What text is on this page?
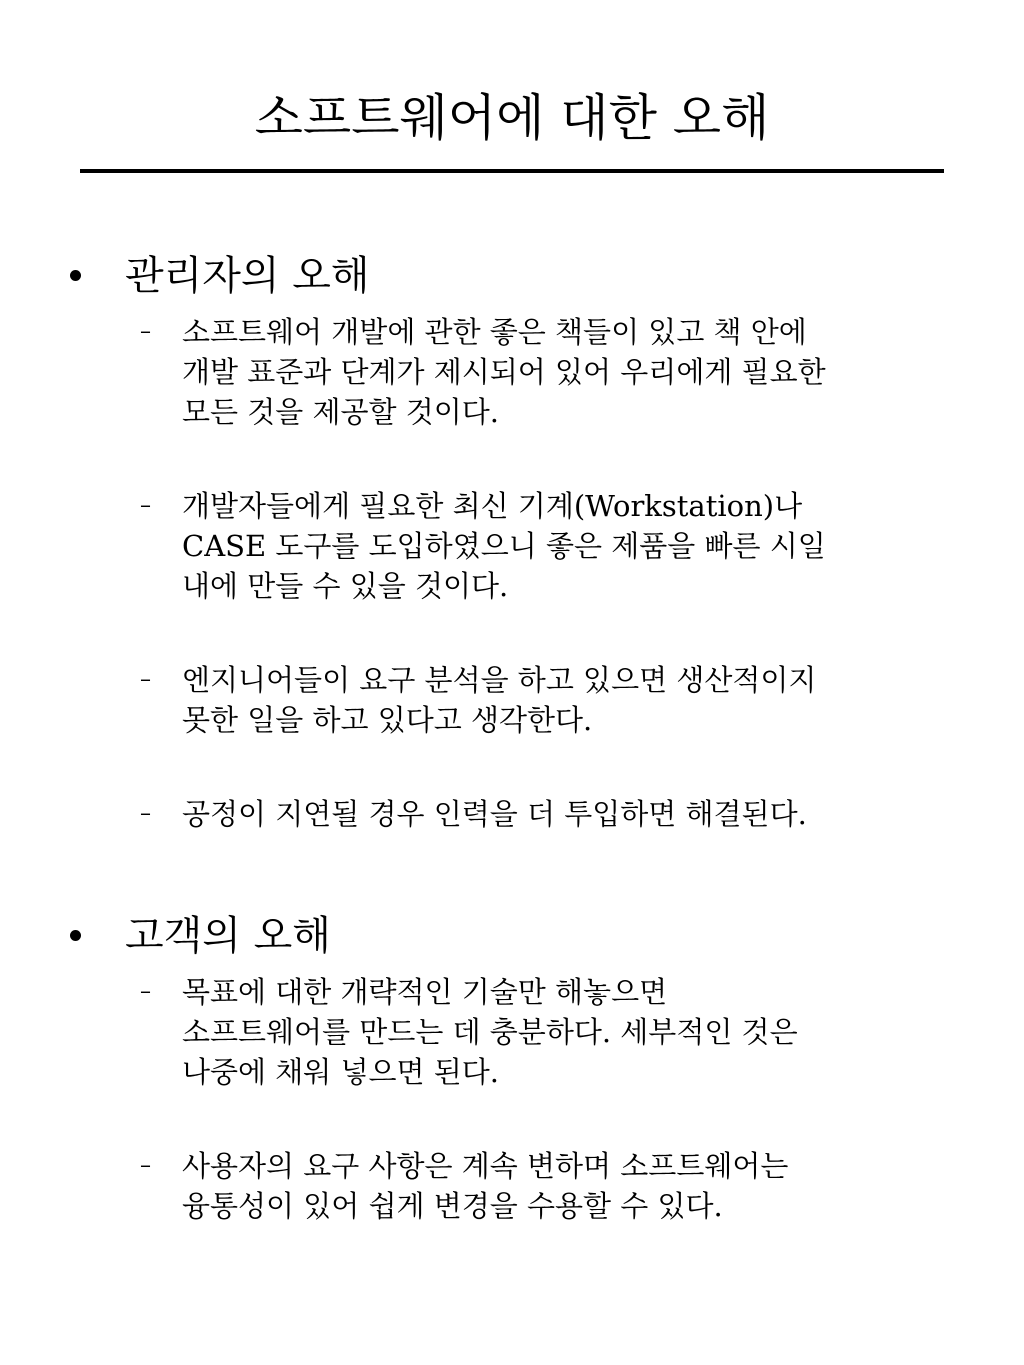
소프트웨어에 대한 오해
관리자의 오해
– 소프트웨어 개발에 관한 좋은 책들이 있고 책 안에
개발 표준과 단계가 제시되어 있어 우리에게 필요한
모든 것을 제공할 것이다.
– 개발자들에게 필요한 최신 기계(Workstation)나
CASE 도구를 도입하였으니 좋은 제품을 빠른 시일
내에 만들 수 있을 것이다.
– 엔지니어들이 요구 분석을 하고 있으면 생산적이지
못한 일을 하고 있다고 생각한다.
– 공정이 지연될 경우 인력을 더 투입하면 해결된다.
고객의 오해
– 목표에 대한 개략적인 기술만 해놓으면
소프트웨어를 만드는 데 충분하다. 세부적인 것은
나중에 채워 넣으면 된다.
– 사용자의 요구 사항은 계속 변하며 소프트웨어는
융통성이 있어 쉽게 변경을 수용할 수 있다.
